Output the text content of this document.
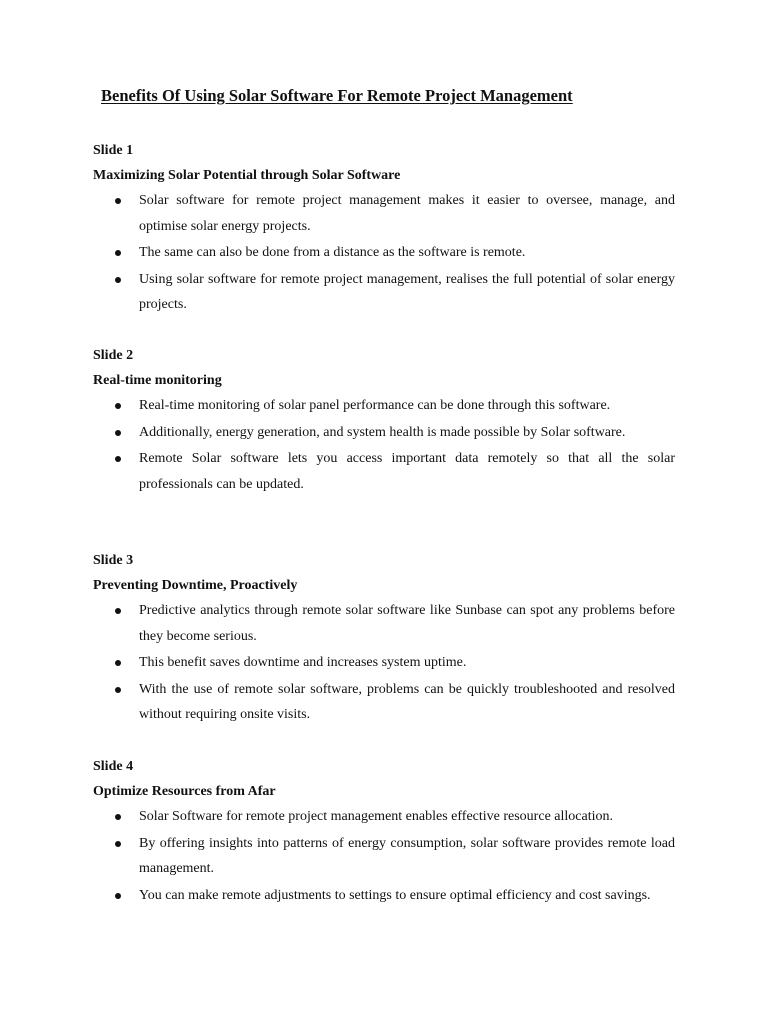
Benefits Of Using Solar Software For Remote Project Management
Slide 1
Maximizing Solar Potential through Solar Software
Solar software for remote project management makes it easier to oversee, manage, and optimise solar energy projects.
The same can also be done from a distance as the software is remote.
Using solar software for remote project management, realises the full potential of solar energy projects.
Slide 2
Real-time monitoring
Real-time monitoring of solar panel performance can be done through this software.
Additionally, energy generation, and system health is made possible by Solar software.
Remote Solar software lets you access important data remotely so that all the solar professionals can be updated.
Slide 3
Preventing Downtime, Proactively
Predictive analytics through remote solar software like Sunbase can spot any problems before they become serious.
This benefit saves downtime and increases system uptime.
With the use of remote solar software, problems can be quickly troubleshooted and resolved without requiring onsite visits.
Slide 4
Optimize Resources from Afar
Solar Software for remote project management enables effective resource allocation.
By offering insights into patterns of energy consumption, solar software provides remote load management.
You can make remote adjustments to settings to ensure optimal efficiency and cost savings.
